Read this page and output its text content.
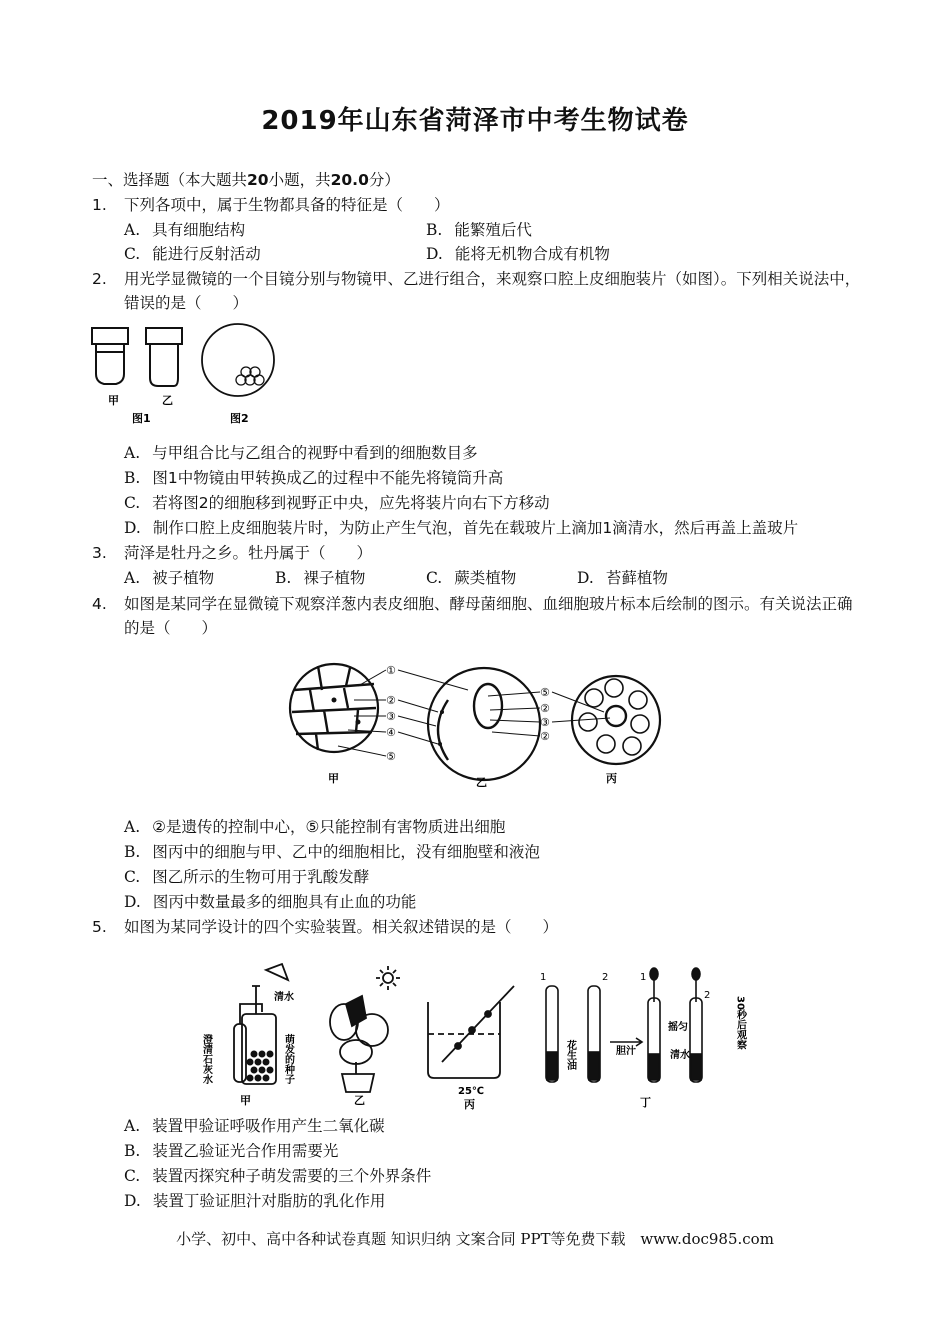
2019年山东省菏泽市中考生物试卷
一、选择题（本大题共20小题，共20.0分）
1. 下列各项中，属于生物都具备的特征是（　　）
A. 具有细胞结构	B. 能繁殖后代
C. 能进行反射活动	D. 能将无机物合成有机物
2. 用光学显微镜的一个目镜分别与物镜甲、乙进行组合，来观察口腔上皮细胞装片（如图）。下列相关说法中，错误的是（　　）
甲	乙
图1	图2
A. 与甲组合比与乙组合的视野中看到的细胞数目多
B. 图1中物镜由甲转换成乙的过程中不能先将镜筒升高
C. 若将图2的细胞移到视野正中央，应先将装片向右下方移动
D. 制作口腔上皮细胞装片时，为防止产生气泡，首先在载玻片上滴加1滴清水，然后再盖上盖玻片
3. 菏泽是牡丹之乡。牡丹属于（　　）
A. 被子植物	B. 裸子植物	C. 蕨类植物	D. 苔藓植物
4. 如图是某同学在显微镜下观察洋葱内表皮细胞、酵母菌细胞、血细胞玻片标本后绘制的图示。有关说法正确的是（　　）
①
②
③
④
⑤
⑤
②
③
②
甲	乙	丙
A. ②是遗传的控制中心，⑤只能控制有害物质进出细胞
B. 图丙中的细胞与甲、乙中的细胞相比，没有细胞壁和液泡
C. 图乙所示的生物可用于乳酸发酵
D. 图丙中数量最多的细胞具有止血的功能
5. 如图为某同学设计的四个实验装置。相关叙述错误的是（　　）
澄清石灰水
清水
萌发的种子
甲	乙
25℃
丙
1	2	1
2
花生油	胆汁
摇匀
清水
30秒后观察
丁
A. 装置甲验证呼吸作用产生二氧化碳
B. 装置乙验证光合作用需要光
C. 装置丙探究种子萌发需要的三个外界条件
D. 装置丁验证胆汁对脂肪的乳化作用
小学、初中、高中各种试卷真题 知识归纳 文案合同 PPT等免费下载 www.doc985.com
